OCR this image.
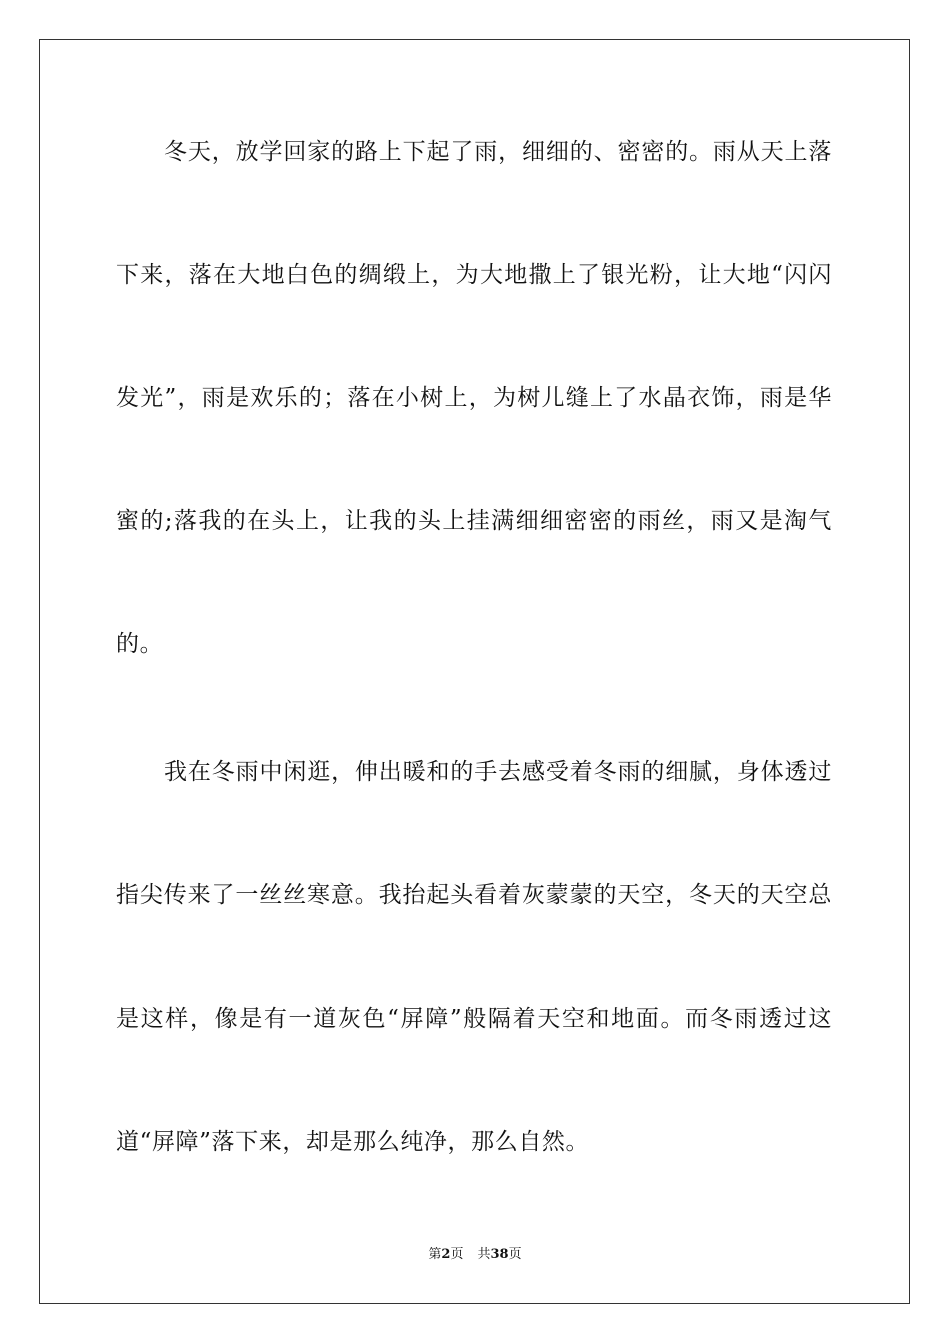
冬天，放学回家的路上下起了雨，细细的、密密的。雨从天上落
下来，落在大地白色的绸缎上，为大地撒上了银光粉，让大地“闪闪
发光”，雨是欢乐的；落在小树上，为树儿缝上了水晶衣饰，雨是华
蜜的;落我的在头上，让我的头上挂满细细密密的雨丝，雨又是淘气
的。
我在冬雨中闲逛，伸出暖和的手去感受着冬雨的细腻，身体透过
指尖传来了一丝丝寒意。我抬起头看着灰蒙蒙的天空，冬天的天空总
是这样，像是有一道灰色“屏障”般隔着天空和地面。而冬雨透过这
道“屏障”落下来，却是那么纯净，那么自然。
第2页 共38页
